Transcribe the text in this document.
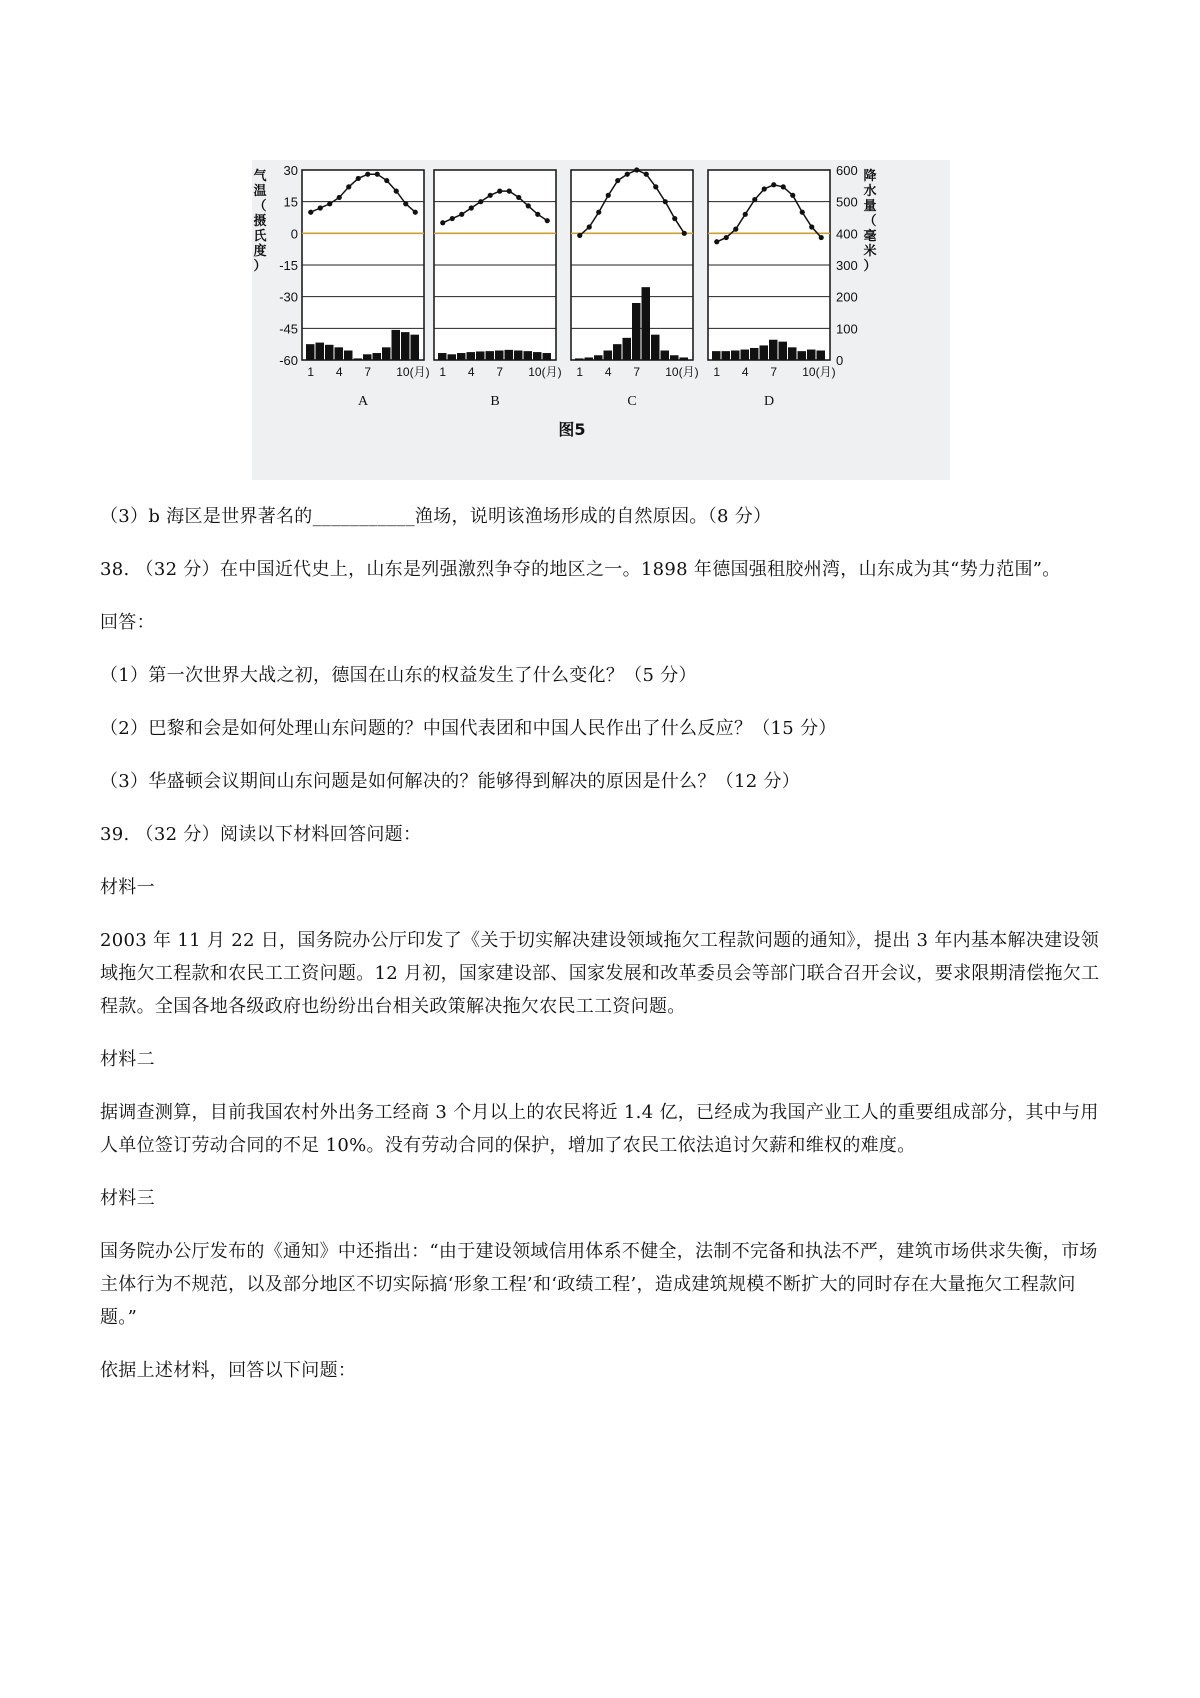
30
15
0
-15
-30
-45
-60
600
500
400
300
200
100
0
气
温
（
摄
氏
度
）
降
水
量
（
毫
米
）
1 4 7 10(月)
A
1 4 7 10(月)
B
1 4 7 10(月)
C
1 4 7 10(月)
D
图5

（3）b 海区是世界著名的___________渔场，说明该渔场形成的自然原因。（8 分）

38. （32 分）在中国近代史上，山东是列强激烈争夺的地区之一。1898 年德国强租胶州湾，山东成为其“势力范围”。

回答：

（1）第一次世界大战之初，德国在山东的权益发生了什么变化？（5 分）

（2）巴黎和会是如何处理山东问题的？中国代表团和中国人民作出了什么反应？（15 分）

（3）华盛顿会议期间山东问题是如何解决的？能够得到解决的原因是什么？（12 分）

39. （32 分）阅读以下材料回答问题：

材料一

2003 年 11 月 22 日，国务院办公厅印发了《关于切实解决建设领域拖欠工程款问题的通知》，提出 3 年内基本解决建设领域拖欠工程款和农民工工资问题。12 月初，国家建设部、国家发展和改革委员会等部门联合召开会议，要求限期清偿拖欠工程款。全国各地各级政府也纷纷出台相关政策解决拖欠农民工工资问题。

材料二

据调查测算，目前我国农村外出务工经商 3 个月以上的农民将近 1.4 亿，已经成为我国产业工人的重要组成部分，其中与用人单位签订劳动合同的不足 10%。没有劳动合同的保护，增加了农民工依法追讨欠薪和维权的难度。

材料三

国务院办公厅发布的《通知》中还指出：“由于建设领域信用体系不健全，法制不完备和执法不严，建筑市场供求失衡，市场主体行为不规范，以及部分地区不切实际搞‘形象工程’和‘政绩工程’，造成建筑规模不断扩大的同时存在大量拖欠工程款问题。”

依据上述材料，回答以下问题：
